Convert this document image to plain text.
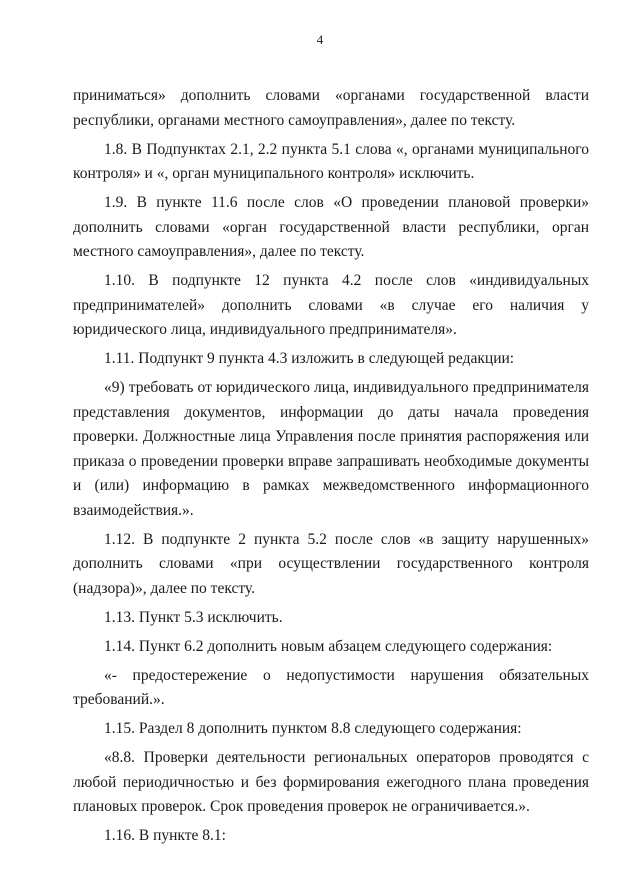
4

приниматься» дополнить словами «органами государственной власти республики, органами местного самоуправления», далее по тексту.

1.8. В Подпунктах 2.1, 2.2 пункта 5.1 слова «, органами муниципального контроля» и «, орган муниципального контроля» исключить.

1.9. В пункте 11.6 после слов «О проведении плановой проверки» дополнить словами «орган государственной власти республики, орган местного самоуправления», далее по тексту.

1.10. В подпункте 12 пункта 4.2 после слов «индивидуальных предпринимателей» дополнить словами «в случае его наличия у юридического лица, индивидуального предпринимателя».

1.11. Подпункт 9 пункта 4.3 изложить в следующей редакции:

«9) требовать от юридического лица, индивидуального предпринимателя представления документов, информации до даты начала проведения проверки. Должностные лица Управления после принятия распоряжения или приказа о проведении проверки вправе запрашивать необходимые документы и (или) информацию в рамках межведомственного информационного взаимодействия.».

1.12. В подпункте 2 пункта 5.2 после слов «в защиту нарушенных» дополнить словами «при осуществлении государственного контроля (надзора)», далее по тексту.

1.13. Пункт 5.3 исключить.

1.14. Пункт 6.2 дополнить новым абзацем следующего содержания:

«- предостережение о недопустимости нарушения обязательных требований.».

1.15. Раздел 8 дополнить пунктом 8.8 следующего содержания:

«8.8. Проверки деятельности региональных операторов проводятся с любой периодичностью и без формирования ежегодного плана проведения плановых проверок. Срок проведения проверок не ограничивается.».

1.16. В пункте 8.1:
